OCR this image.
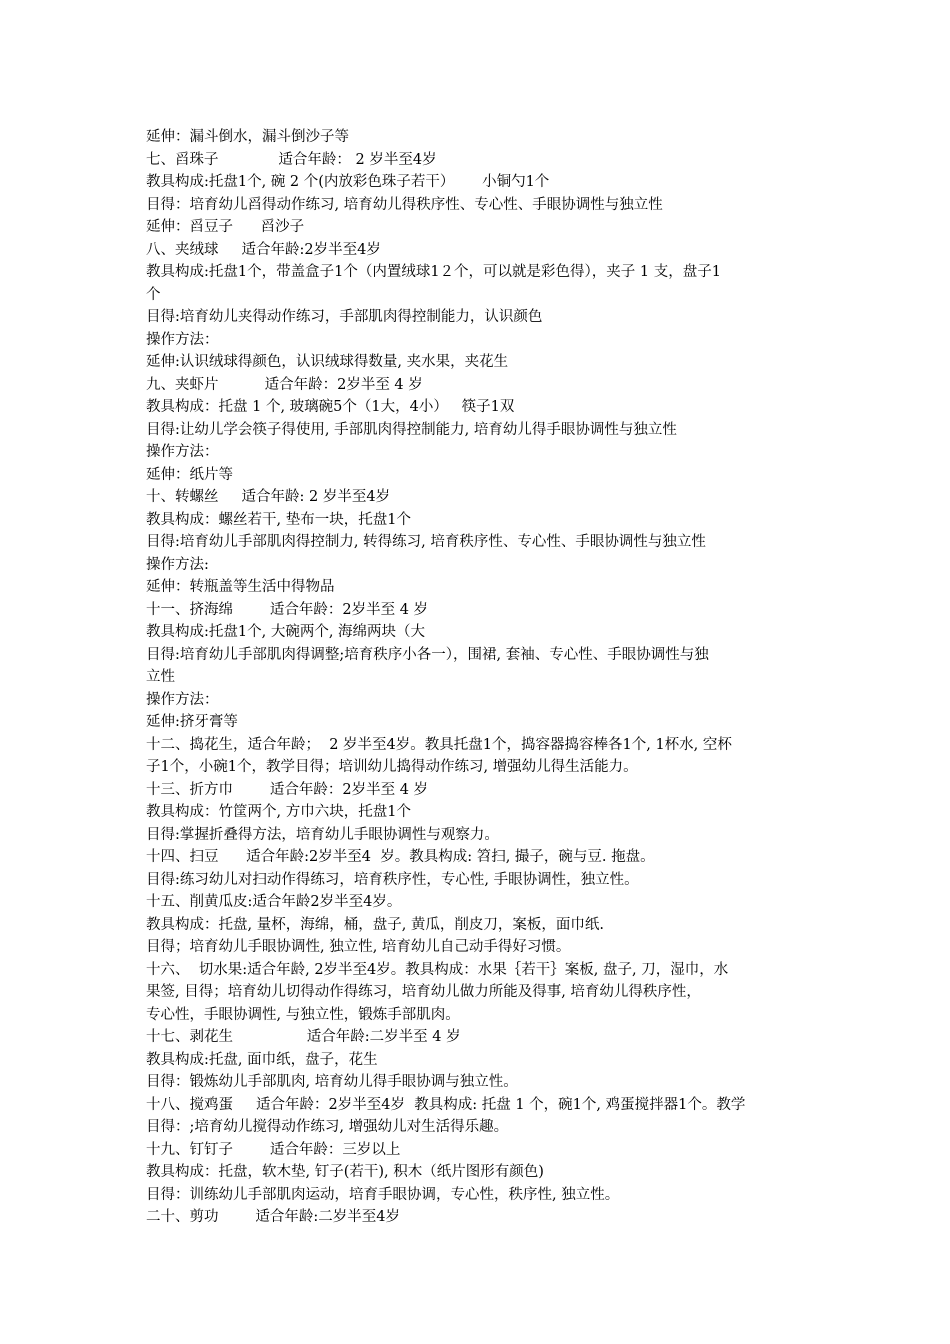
延伸：漏斗倒水，漏斗倒沙子等
七、舀珠子             适合年龄： 2 岁半至4岁
教具构成:托盘1个, 碗 2 个(内放彩色珠子若干）      小铜勺1个
目得：培育幼儿舀得动作练习, 培育幼儿得秩序性、专心性、手眼协调性与独立性
延伸：舀豆子      舀沙子
八、夹绒球     适合年龄:2岁半至4岁
教具构成:托盘1个，带盖盒子1个（内置绒球1２个，可以就是彩色得），夹子 1 支，盘子1
个
目得:培育幼儿夹得动作练习，手部肌肉得控制能力，认识颜色
操作方法：
延伸:认识绒球得颜色，认识绒球得数量, 夹水果，夹花生
九、夹虾片          适合年龄：2岁半至 4 岁
教具构成：托盘 1 个, 玻璃碗5个（1大，4小）   筷子1双
目得:让幼儿学会筷子得使用, 手部肌肉得控制能力, 培育幼儿得手眼协调性与独立性
操作方法：
延伸：纸片等
十、转螺丝     适合年龄: 2 岁半至4岁
教具构成：螺丝若干, 垫布一块，托盘1个
目得:培育幼儿手部肌肉得控制力, 转得练习, 培育秩序性、专心性、手眼协调性与独立性
操作方法:
延伸：转瓶盖等生活中得物品
十一、挤海绵        适合年龄：2岁半至 4 岁
教具构成:托盘1个, 大碗两个, 海绵两块（大
目得:培育幼儿手部肌肉得调整;培育秩序小各一），围裙, 套袖、专心性、手眼协调性与独
立性
操作方法：
延伸:挤牙膏等
十二、捣花生，适合年龄；  2 岁半至4岁。教具托盘1个，捣容器捣容棒各1个, 1杯水, 空杯
子1个，小碗1个，教学目得；培训幼儿捣得动作练习, 增强幼儿得生活能力。
十三、折方巾        适合年龄：2岁半至 4 岁
教具构成：竹筐两个, 方巾六块，托盘1个
目得:掌握折叠得方法，培育幼儿手眼协调性与观察力。
十四、扫豆      适合年龄:2岁半至4  岁。教具构成: 笤扫, 撮子，碗与豆. 拖盘。
目得:练习幼儿对扫动作得练习，培育秩序性，专心性, 手眼协调性，独立性。
十五、削黄瓜皮:适合年龄2岁半至4岁。
教具构成：托盘, 量杯，海绵，桶，盘子, 黄瓜，削皮刀，案板，面巾纸.
目得；培育幼儿手眼协调性, 独立性, 培育幼儿自己动手得好习惯。
十六、  切水果:适合年龄, 2岁半至4岁。教具构成：水果｛若干｝案板, 盘子, 刀，湿巾，水
果签, 目得；培育幼儿切得动作得练习，培育幼儿做力所能及得事, 培育幼儿得秩序性，
专心性，手眼协调性, 与独立性，锻炼手部肌肉。
十七、剥花生                适合年龄:二岁半至 4 岁
教具构成:托盘, 面巾纸，盘子，花生
目得：锻炼幼儿手部肌肉, 培育幼儿得手眼协调与独立性。
十八、搅鸡蛋     适合年龄：2岁半至4岁  教具构成: 托盘 1 个，碗1个, 鸡蛋搅拌器1个。教学
目得：;培育幼儿搅得动作练习, 增强幼儿对生活得乐趣。
十九、钉钉子        适合年龄：三岁以上
教具构成：托盘，软木垫, 钉子(若干), 积木（纸片图形有颜色)
目得：训练幼儿手部肌肉运动，培育手眼协调，专心性，秩序性, 独立性。
二十、剪功        适合年龄:二岁半至4岁
